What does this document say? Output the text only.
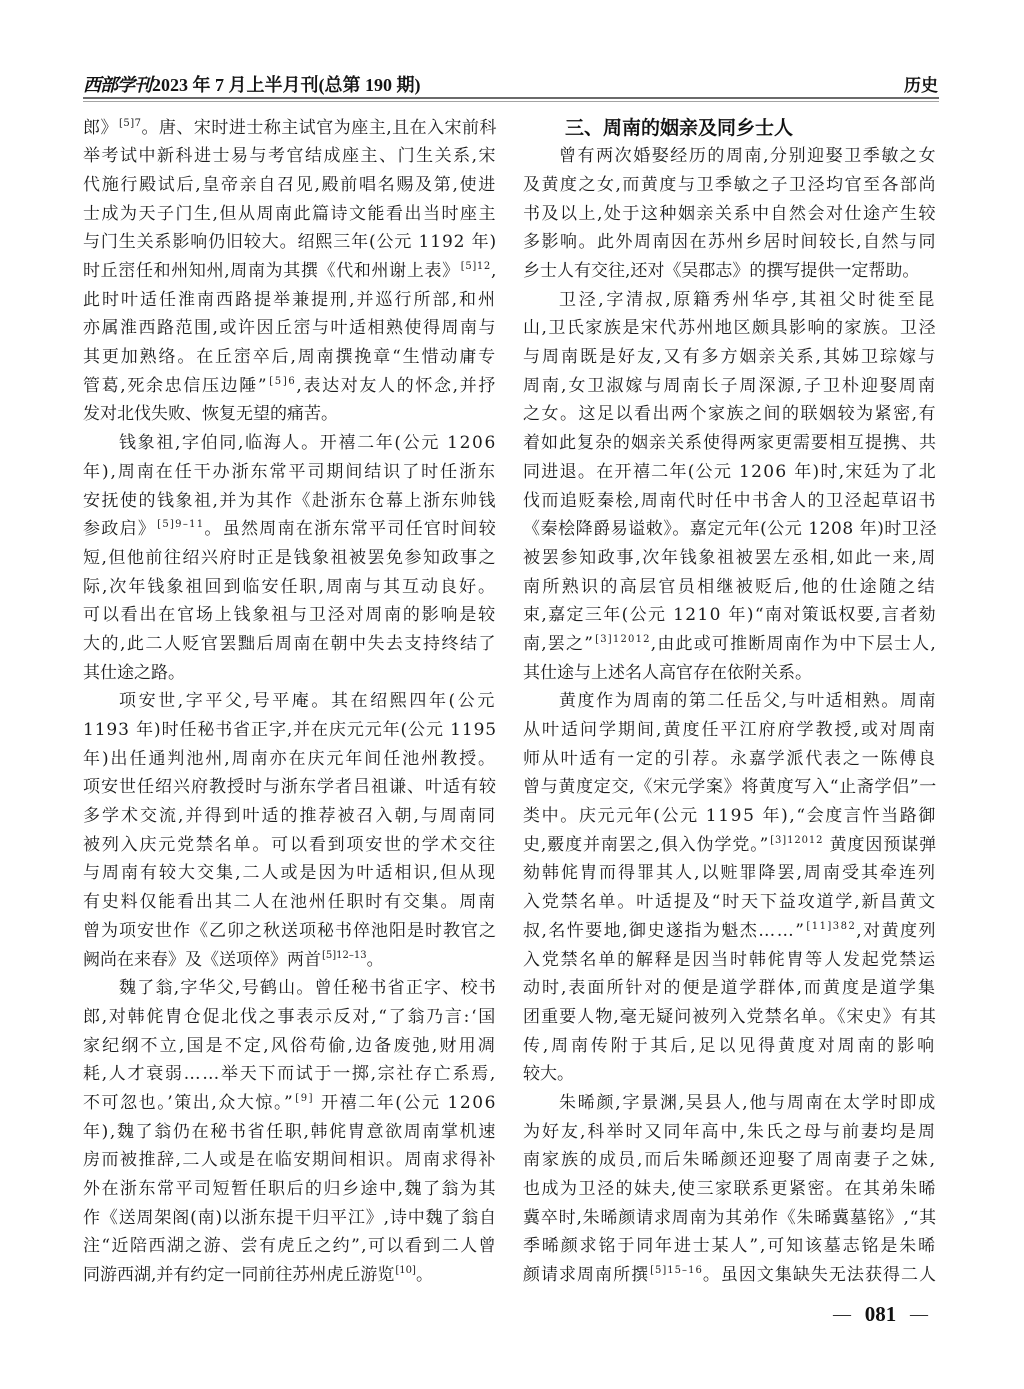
西部学刊 2023 年 7 月上半月刊(总第 190 期)	历史
郎》$^{[5]7}$。唐、宋时进士称主试官为座主,且在入宋前科
举考试中新科进士易与考官结成座主、门生关系,宋
代施行殿试后,皇帝亲自召见,殿前唱名赐及第,使进
士成为天子门生,但从周南此篇诗文能看出当时座主
与门生关系影响仍旧较大。绍熙三年(公元 1192 年)
时丘崈任和州知州,周南为其撰《代和州谢上表》$^{[5]12}$,
此时叶适任淮南西路提举兼提刑,并巡行所部,和州
亦属淮西路范围,或许因丘崈与叶适相熟使得周南与
其更加熟络。在丘崈卒后,周南撰挽章“生惜动庸专
管葛,死余忠信压边陲”$^{[5]6}$,表达对友人的怀念,并抒
发对北伐失败、恢复无望的痛苦。
钱象祖,字伯同,临海人。开禧二年(公元 1206
年),周南在任干办浙东常平司期间结识了时任浙东
安抚使的钱象祖,并为其作《赴浙东仓幕上浙东帅钱
参政启》$^{[5]9-11}$。虽然周南在浙东常平司任官时间较
短,但他前往绍兴府时正是钱象祖被罢免参知政事之
际,次年钱象祖回到临安任职,周南与其互动良好。
可以看出在官场上钱象祖与卫泾对周南的影响是较
大的,此二人贬官罢黜后周南在朝中失去支持终结了
其仕途之路。
项安世,字平父,号平庵。其在绍熙四年(公元
1193 年)时任秘书省正字,并在庆元元年(公元 1195
年)出任通判池州,周南亦在庆元年间任池州教授。
项安世任绍兴府教授时与浙东学者吕祖谦、叶适有较
多学术交流,并得到叶适的推荐被召入朝,与周南同
被列入庆元党禁名单。可以看到项安世的学术交往
与周南有较大交集,二人或是因为叶适相识,但从现
有史料仅能看出其二人在池州任职时有交集。周南
曾为项安世作《乙卯之秋送项秘书倅池阳是时教官之
阙尚在来春》及《送项倅》两首$^{[5]12-13}$。
魏了翁,字华父,号鹤山。曾任秘书省正字、校书
郎,对韩侂胄仓促北伐之事表示反对,“了翁乃言:‘国
家纪纲不立,国是不定,风俗苟偷,边备废弛,财用凋
耗,人才衰弱……举天下而试于一掷,宗社存亡系焉,
不可忽也。’策出,众大惊。”[9] 开禧二年(公元 1206
年),魏了翁仍在秘书省任职,韩侂胄意欲周南掌机速
房而被推辞,二人或是在临安期间相识。周南求得补
外在浙东常平司短暂任职后的归乡途中,魏了翁为其
作《送周架阁(南)以浙东提干归平江》,诗中魏了翁自
注“近陪西湖之游、尝有虎丘之约”,可以看到二人曾
同游西湖,并有约定一同前往苏州虎丘游览[10]。
三、周南的姻亲及同乡士人
曾有两次婚娶经历的周南,分别迎娶卫季敏之女
及黄度之女,而黄度与卫季敏之子卫泾均官至各部尚
书及以上,处于这种姻亲关系中自然会对仕途产生较
多影响。此外周南因在苏州乡居时间较长,自然与同
乡士人有交往,还对《吴郡志》的撰写提供一定帮助。
卫泾,字清叔,原籍秀州华亭,其祖父时徙至昆
山,卫氏家族是宋代苏州地区颇具影响的家族。卫泾
与周南既是好友,又有多方姻亲关系,其姊卫琮嫁与
周南,女卫淑嫁与周南长子周深源,子卫朴迎娶周南
之女。这足以看出两个家族之间的联姻较为紧密,有
着如此复杂的姻亲关系使得两家更需要相互提携、共
同进退。在开禧二年(公元 1206 年)时,宋廷为了北
伐而追贬秦桧,周南代时任中书舍人的卫泾起草诏书
《秦桧降爵易谥敕》。嘉定元年(公元 1208 年)时卫泾
被罢参知政事,次年钱象祖被罢左丞相,如此一来,周
南所熟识的高层官员相继被贬后,他的仕途随之结
束,嘉定三年(公元 1210 年)“南对策诋权要,言者劾
南,罢之”$^{[3]12012}$,由此或可推断周南作为中下层士人,
其仕途与上述名人高官存在依附关系。
黄度作为周南的第二任岳父,与叶适相熟。周南
从叶适问学期间,黄度任平江府府学教授,或对周南
师从叶适有一定的引荐。永嘉学派代表之一陈傅良
曾与黄度定交,《宋元学案》将黄度写入“止斋学侣”一
类中。庆元元年(公元 1195 年),“会度言忤当路御
史,覈度并南罢之,俱入伪学党。”$^{[3]12012}$ 黄度因预谋弹
劾韩侂胄而得罪其人,以赃罪降罢,周南受其牵连列
入党禁名单。叶适提及“时天下益攻道学,新昌黄文
叔,名忤要地,御史遂指为魁杰……”$^{[11]382}$,对黄度列
入党禁名单的解释是因当时韩侂胄等人发起党禁运
动时,表面所针对的便是道学群体,而黄度是道学集
团重要人物,毫无疑问被列入党禁名单。《宋史》有其
传,周南传附于其后,足以见得黄度对周南的影响
较大。
朱晞颜,字景渊,吴县人,他与周南在太学时即成
为好友,科举时又同年高中,朱氏之母与前妻均是周
南家族的成员,而后朱晞颜还迎娶了周南妻子之妹,
也成为卫泾的妹夫,使三家联系更紧密。在其弟朱晞
冀卒时,朱晞颜请求周南为其弟作《朱晞冀墓铭》,“其
季晞颜求铭于同年进士某人”,可知该墓志铭是朱晞
颜请求周南所撰$^{[5]15-16}$。虽因文集缺失无法获得二人
— 081 —
